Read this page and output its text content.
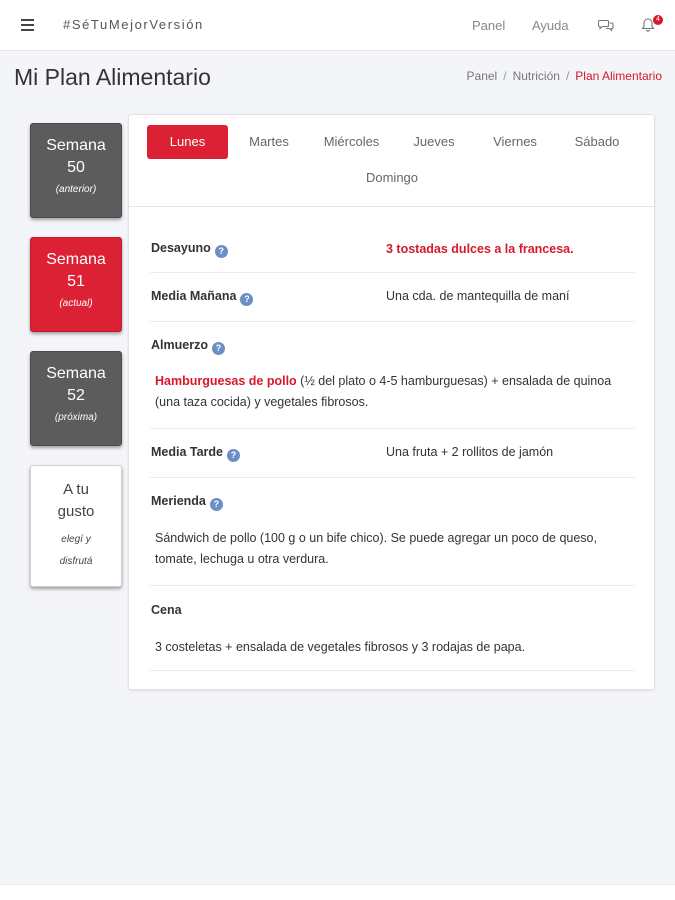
#SéTuMejorVersión	Panel Ayuda	4
Mi Plan Alimentario	Panel / Nutrición / Plan Alimentario
Semana
50
(anterior)
Semana
51
(actual)
Semana
52
(próxima)
A tu
gusto
elegí y disfrutá
Lunes	Martes	Miércoles	Jueves	Viernes	Sábado
Domingo
Desayuno ?	3 tostadas dulces a la francesa.
Media Mañana ?	Una cda. de mantequilla de maní
Almuerzo ?
Hamburguesas de pollo (½ del plato o 4-5 hamburguesas) + ensalada de quinoa (una taza cocida) y vegetales fibrosos.
Media Tarde ?	Una fruta + 2 rollitos de jamón
Merienda ?
Sándwich de pollo (100 g o un bife chico). Se puede agregar un poco de queso, tomate, lechuga u otra verdura.
Cena
3 costeletas + ensalada de vegetales fibrosos y 3 rodajas de papa.
